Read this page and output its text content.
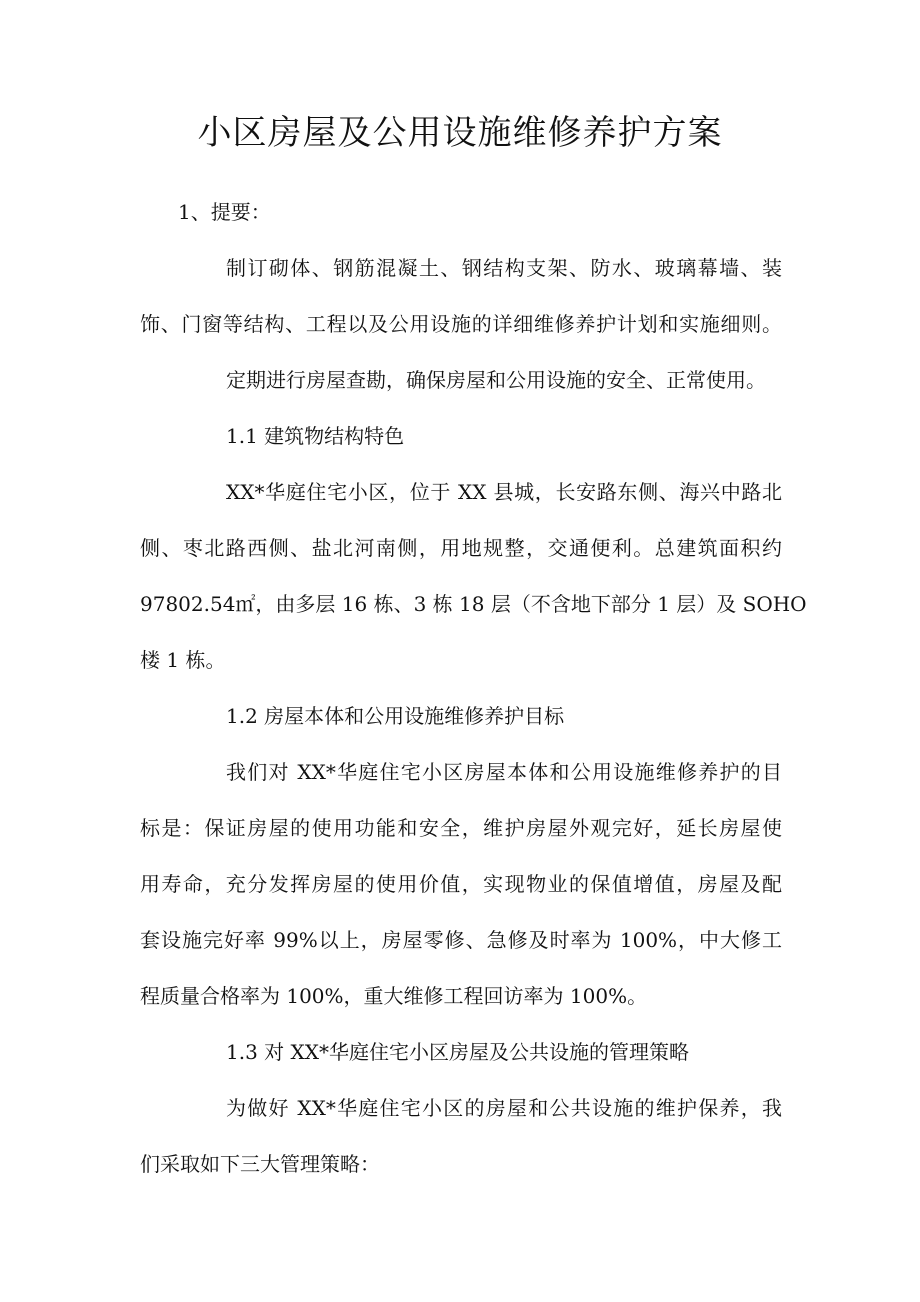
小区房屋及公用设施维修养护方案

1、提要：

制订砌体、钢筋混凝土、钢结构支架、防水、玻璃幕墙、装

饰、门窗等结构、工程以及公用设施的详细维修养护计划和实施细则。

定期进行房屋查勘，确保房屋和公用设施的安全、正常使用。

1.1 建筑物结构特色

XX*华庭住宅小区，位于 XX 县城，长安路东侧、海兴中路北

侧、枣北路西侧、盐北河南侧，用地规整，交通便利。总建筑面积约

97802.54㎡，由多层 16 栋、3 栋 18 层（不含地下部分 1 层）及 SOHO

楼 1 栋。

1.2 房屋本体和公用设施维修养护目标

我们对 XX*华庭住宅小区房屋本体和公用设施维修养护的目

标是：保证房屋的使用功能和安全，维护房屋外观完好，延长房屋使

用寿命，充分发挥房屋的使用价值，实现物业的保值增值，房屋及配

套设施完好率 99%以上，房屋零修、急修及时率为 100%，中大修工

程质量合格率为 100%，重大维修工程回访率为 100%。

1.3 对 XX*华庭住宅小区房屋及公共设施的管理策略

为做好 XX*华庭住宅小区的房屋和公共设施的维护保养，我

们采取如下三大管理策略：
